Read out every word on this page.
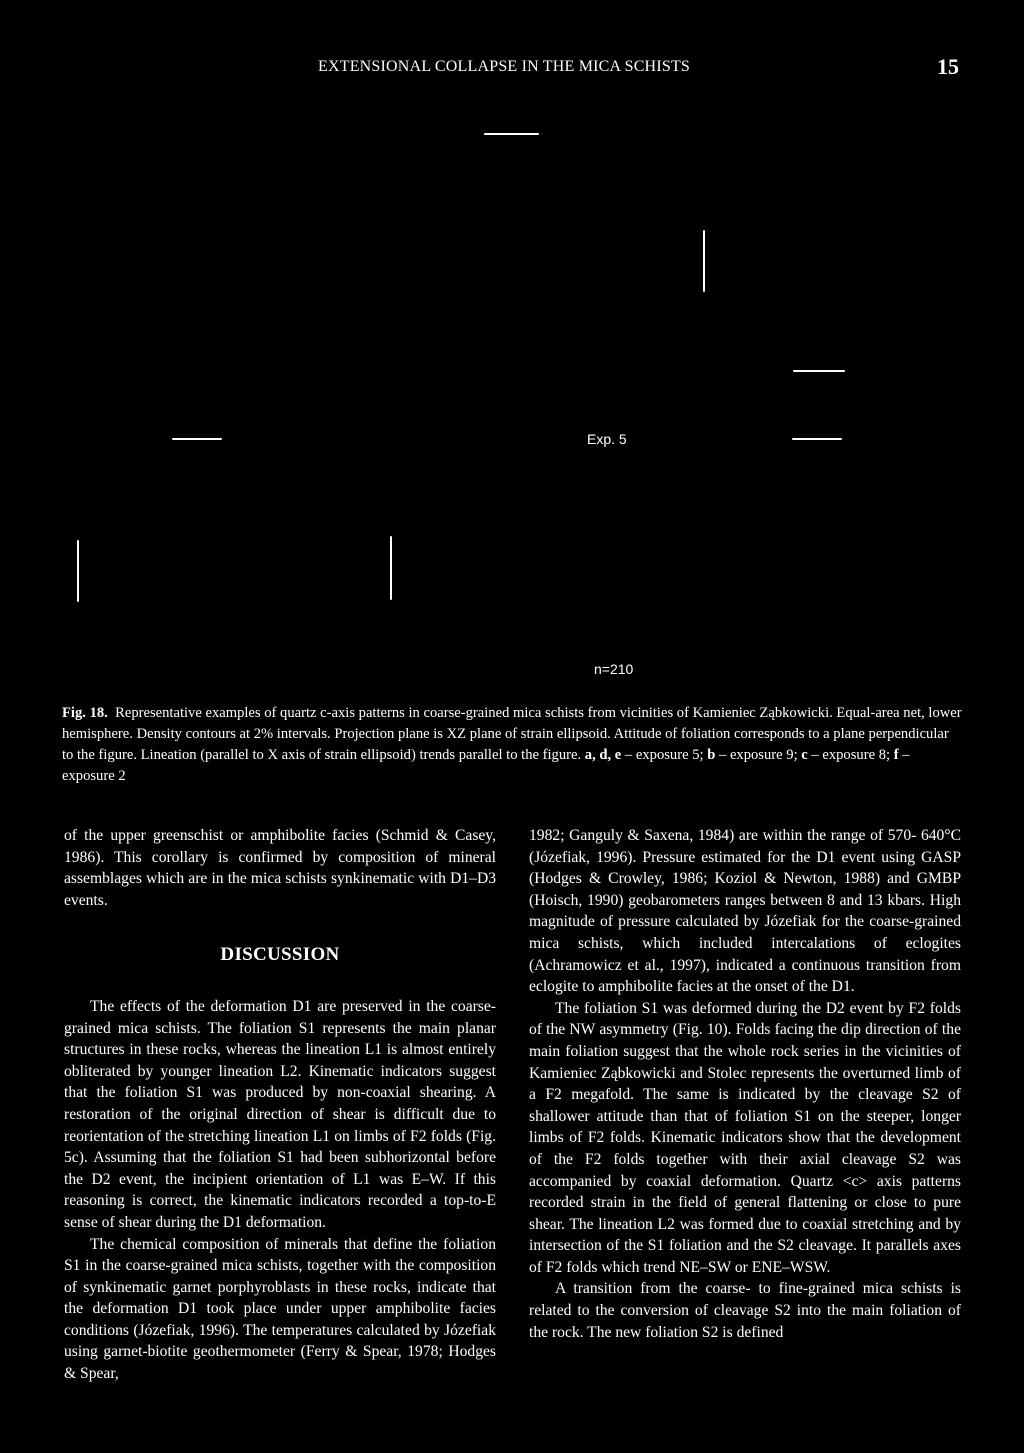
EXTENSIONAL COLLAPSE IN THE MICA SCHISTS	15
Exp. 5
n=210
Fig. 18. Representative examples of quartz c-axis patterns in coarse-grained mica schists from vicinities of Kamieniec Ząbkowicki. Equal-area net, lower hemisphere. Density contours at 2% intervals. Projection plane is XZ plane of strain ellipsoid. Attitude of foliation corresponds to a plane perpendicular to the figure. Lineation (parallel to X axis of strain ellipsoid) trends parallel to the figure. a, d, e – exposure 5; b – exposure 9; c – exposure 8; f – exposure 2

of the upper greenschist or amphibolite facies (Schmid & Casey, 1986). This corollary is confirmed by composition of mineral assemblages which are in the mica schists synkinematic with D1–D3 events.

DISCUSSION

The effects of the deformation D1 are preserved in the coarse-grained mica schists. The foliation S1 represents the main planar structures in these rocks, whereas the lineation L1 is almost entirely obliterated by younger lineation L2. Kinematic indicators suggest that the foliation S1 was produced by non-coaxial shearing. A restoration of the original direction of shear is difficult due to reorientation of the stretching lineation L1 on limbs of F2 folds (Fig. 5c). Assuming that the foliation S1 had been subhorizontal before the D2 event, the incipient orientation of L1 was E–W. If this reasoning is correct, the kinematic indicators recorded a top-to-E sense of shear during the D1 deformation.

The chemical composition of minerals that define the foliation S1 in the coarse-grained mica schists, together with the composition of synkinematic garnet porphyroblasts in these rocks, indicate that the deformation D1 took place under upper amphibolite facies conditions (Józefiak, 1996). The temperatures calculated by Józefiak using garnet-biotite geothermometer (Ferry & Spear, 1978; Hodges & Spear,

1982; Ganguly & Saxena, 1984) are within the range of 570- 640°C (Józefiak, 1996). Pressure estimated for the D1 event using GASP (Hodges & Crowley, 1986; Koziol & Newton, 1988) and GMBP (Hoisch, 1990) geobarometers ranges between 8 and 13 kbars. High magnitude of pressure calculated by Józefiak for the coarse-grained mica schists, which included intercalations of eclogites (Achramowicz et al., 1997), indicated a continuous transition from eclogite to amphibolite facies at the onset of the D1.

The foliation S1 was deformed during the D2 event by F2 folds of the NW asymmetry (Fig. 10). Folds facing the dip direction of the main foliation suggest that the whole rock series in the vicinities of Kamieniec Ząbkowicki and Stolec represents the overturned limb of a F2 megafold. The same is indicated by the cleavage S2 of shallower attitude than that of foliation S1 on the steeper, longer limbs of F2 folds. Kinematic indicators show that the development of the F2 folds together with their axial cleavage S2 was accompanied by coaxial deformation. Quartz <c> axis patterns recorded strain in the field of general flattening or close to pure shear. The lineation L2 was formed due to coaxial stretching and by intersection of the S1 foliation and the S2 cleavage. It parallels axes of F2 folds which trend NE–SW or ENE–WSW.

A transition from the coarse- to fine-grained mica schists is related to the conversion of cleavage S2 into the main foliation of the rock. The new foliation S2 is defined
